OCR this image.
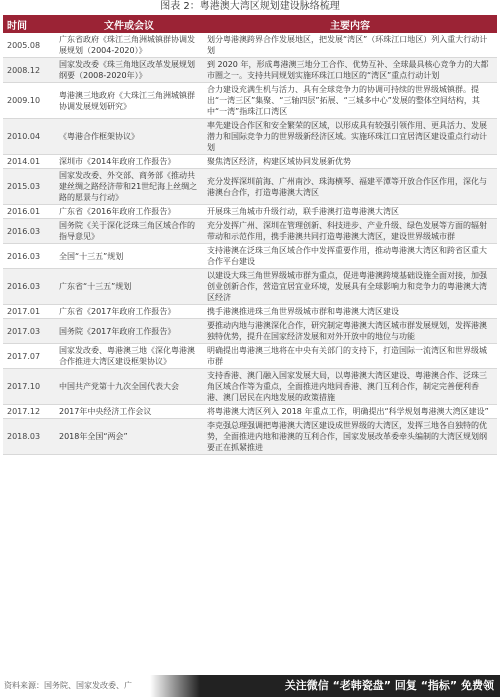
图表 2：粤港澳大湾区规划建设脉络梳理
时间	文件或会议	主要内容
2005.08	广东省政府《珠江三角洲城镇群协调发展规划（2004-2020）》	划分粤港澳跨界合作发展地区，把发展“湾区”（环珠江口地区）列入重大行动计划
2008.12	国家发改委《珠三角地区改革发展规划纲要（2008-2020年）》	到 2020 年，形成粤港澳三地分工合作、优势互补、全球最具核心竞争力的大都市圈之一。支持共同规划实施环珠江口地区的“湾区”重点行动计划
2009.10	粤港澳三地政府《大珠江三角洲城镇群协调发展规划研究》	合力建设充满生机与活力、具有全球竞争力的协调可持续的世界级城镇群。提出“一湾三区”集聚、“三轴四层”拓展、“三城多中心”发展的整体空间结构，其中“一湾”指珠江口湾区
2010.04	《粤港合作框架协议》	率先建设合作区和安全繁荣的区域，以形成具有较强引领作用、更具活力、发展潜力和国际竞争力的世界级新经济区域。实施环珠江口宜居湾区建设重点行动计划
2014.01	深圳市《2014年政府工作报告》	聚焦湾区经济，构建区域协同发展新优势
2015.03	国家发改委、外交部、商务部《推动共建丝绸之路经济带和21世纪海上丝绸之路的愿景与行动》	充分发挥深圳前海、广州南沙、珠海横琴、福建平潭等开放合作区作用，深化与港澳台合作，打造粤港澳大湾区
2016.01	广东省《2016年政府工作报告》	开展珠三角城市升级行动，联手港澳打造粤港澳大湾区
2016.03	国务院《关于深化泛珠三角区域合作的指导意见》	充分发挥广州、深圳在管理创新、科技进步、产业升级、绿色发展等方面的辐射带动和示范作用，携手港澳共同打造粤港澳大湾区，建设世界级城市群
2016.03	全国“十三五”规划	支持港澳在泛珠三角区域合作中发挥重要作用，推动粤港澳大湾区和跨省区重大合作平台建设
2016.03	广东省“十三五”规划	以建设大珠三角世界级城市群为重点，促进粤港澳跨境基础设施全面对接，加强创业创新合作，营造宜居宜业环境，发展具有全球影响力和竞争力的粤港澳大湾区经济
2017.01	广东省《2017年政府工作报告》	携手港澳推进珠三角世界级城市群和粤港澳大湾区建设
2017.03	国务院《2017年政府工作报告》	要推动内地与港澳深化合作，研究制定粤港澳大湾区城市群发展规划，发挥港澳独特优势，提升在国家经济发展和对外开放中的地位与功能
2017.07	国家发改委、粤港澳三地《深化粤港澳合作推进大湾区建设框架协议》	明确提出粤港澳三地将在中央有关部门的支持下，打造国际一流湾区和世界级城市群
2017.10	中国共产党第十九次全国代表大会	支持香港、澳门融入国家发展大局，以粤港澳大湾区建设、粤港澳合作、泛珠三角区域合作等为重点，全面推进内地同香港、澳门互利合作，制定完善便利香港、澳门居民在内地发展的政策措施
2017.12	2017年中央经济工作会议	将粤港澳大湾区列入 2018 年重点工作，明确提出“科学规划粤港澳大湾区建设”
2018.03	2018年全国“两会”	李克强总理强调把粤港澳大湾区建设成世界级的大湾区，发挥三地各自独特的优势，全面推进内地和港澳的互利合作，国家发展改革委牵头编制的大湾区规划纲要正在抓紧推进
资料来源：国务院、国家发改委、广	关注微信 “老韩瓷盘” 回复 “指标” 免费领
